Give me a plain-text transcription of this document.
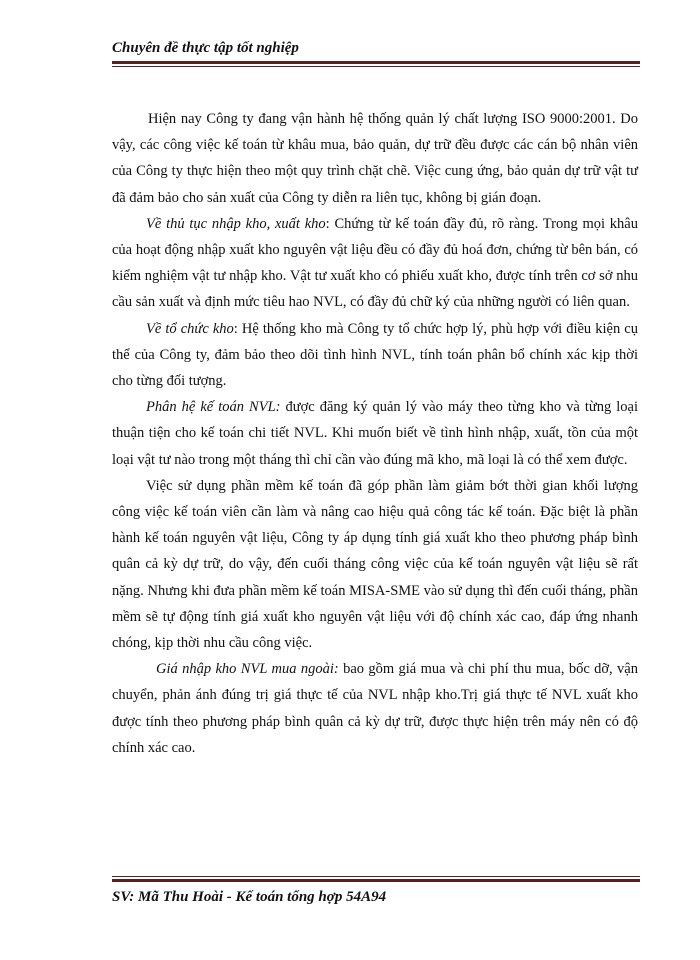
Chuyên đề thực tập tốt nghiệp

Hiện nay Công ty đang vận hành hệ thống quản lý chất lượng ISO 9000:2001. Do vậy, các công việc kế toán từ khâu mua, bảo quản, dự trữ đều được các cán bộ nhân viên của Công ty thực hiện theo một quy trình chặt chẽ. Việc cung ứng, bảo quản dự trữ vật tư đã đảm bảo cho sản xuất của Công ty diễn ra liên tục, không bị gián đoạn.

Về thủ tục nhập kho, xuất kho: Chứng từ kế toán đầy đủ, rõ ràng. Trong mọi khâu của hoạt động nhập xuất kho nguyên vật liệu đều có đầy đủ hoá đơn, chứng từ bên bán, có kiểm nghiệm vật tư nhập kho. Vật tư xuất kho có phiếu xuất kho, được tính trên cơ sở nhu cầu sản xuất và định mức tiêu hao NVL, có đầy đủ chữ ký của những người có liên quan.

Về tổ chức kho: Hệ thống kho mà Công ty tổ chức hợp lý, phù hợp với điều kiện cụ thể của Công ty, đảm bảo theo dõi tình hình NVL, tính toán phân bổ chính xác kịp thời cho từng đối tượng.

Phân hệ kế toán NVL: được đăng ký quản lý vào máy theo từng kho và từng loại thuận tiện cho kế toán chi tiết NVL. Khi muốn biết về tình hình nhập, xuất, tồn của một loại vật tư nào trong một tháng thì chỉ cần vào đúng mã kho, mã loại là có thể xem được.

Việc sử dụng phần mềm kế toán đã góp phần làm giảm bớt thời gian khối lượng công việc kế toán viên cần làm và nâng cao hiệu quả công tác kế toán. Đặc biệt là phần hành kế toán nguyên vật liệu, Công ty áp dụng tính giá xuất kho theo phương pháp bình quân cả kỳ dự trữ, do vậy, đến cuối tháng công việc của kế toán nguyên vật liệu sẽ rất nặng. Nhưng khi đưa phần mềm kế toán MISA-SME vào sử dụng thì đến cuối tháng, phần mềm sẽ tự động tính giá xuất kho nguyên vật liệu với độ chính xác cao, đáp ứng nhanh chóng, kịp thời nhu cầu công việc.

Giá nhập kho NVL mua ngoài: bao gồm giá mua và chi phí thu mua, bốc dỡ, vận chuyển, phản ánh đúng trị giá thực tế của NVL nhập kho.Trị giá thực tế NVL xuất kho được tính theo phương pháp bình quân cả kỳ dự trữ, được thực hiện trên máy nên có độ chính xác cao.

SV: Mã Thu Hoài - Kế toán tổng hợp 54A94
